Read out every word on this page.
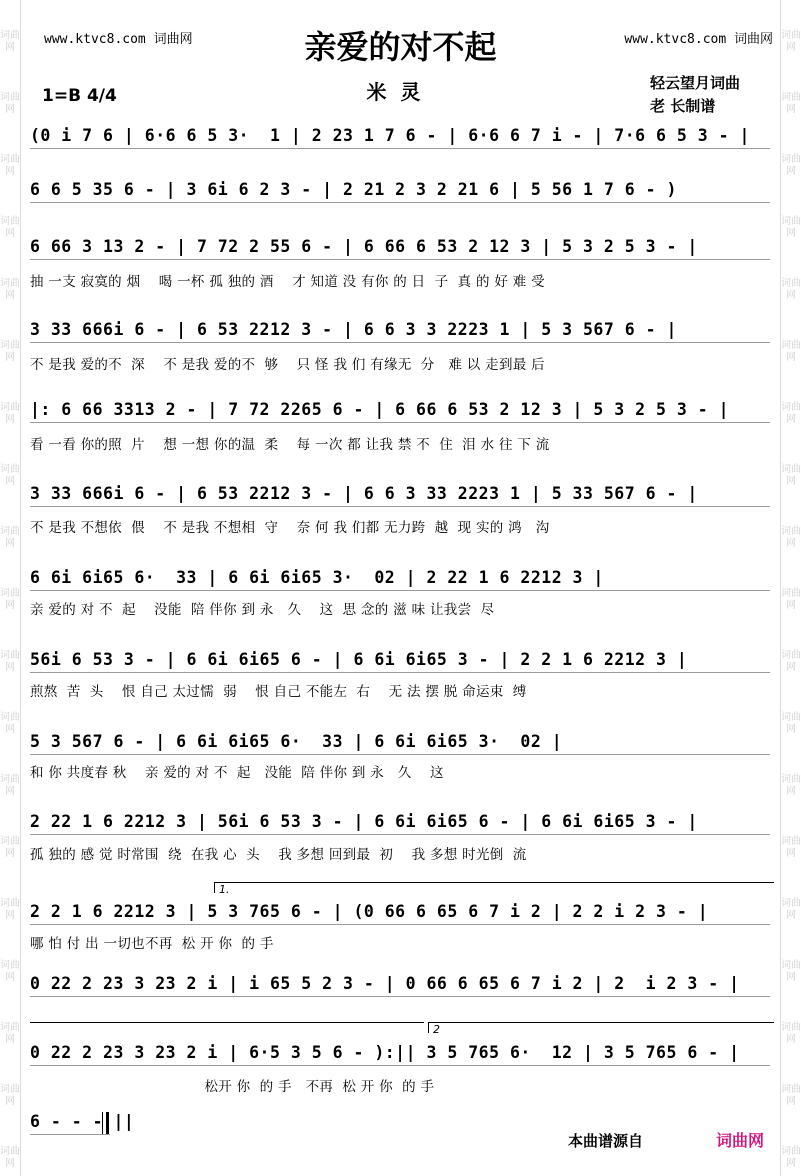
词曲网
词曲网
词曲网
词曲网
词曲网
词曲网
词曲网
词曲网
词曲网
词曲网
词曲网
词曲网
词曲网
词曲网
词曲网
词曲网
词曲网
词曲网
词曲网
词曲网
词曲网
词曲网
词曲网
词曲网
词曲网
词曲网
词曲网
词曲网
词曲网
词曲网
词曲网
词曲网
词曲网
词曲网
词曲网
词曲网
词曲网
词曲网
www.ktvc8.com 词曲网	www.ktvc8.com 词曲网
亲爱的对不起
米灵
1=B 4/4
轻云望月词曲
老 长制谱
(0 i 7 6 | 6·6 6 5 3·  1 | 2 23 1 7 6 - | 6·6 6 7 i - | 7·6 6 5 3 - |
6 6 5 35 6 - | 3 6i 6 2 3 - | 2 21 2 3 2 21 6 | 5 56 1 7 6 - )
6 66 3 13 2 - | 7 72 2 55 6 - | 6 66 6 53 2 12 3 | 5 3 2 5 3 - |
抽 一支 寂寞的 烟    喝 一杯 孤 独的 酒    才 知道 没 有你 的 日  子  真 的 好 难 受
3 33 666i 6 - | 6 53 2212 3 - | 6 6 3 3 2223 1 | 5 3 567 6 - |
不 是我 爱的不  深    不 是我 爱的不  够    只 怪 我 们 有缘无  分   难 以 走到最 后
|: 6 66 3313 2 - | 7 72 2265 6 - | 6 66 6 53 2 12 3 | 5 3 2 5 3 - |
看 一看 你的照  片    想 一想 你的温  柔    每 一次 都 让我 禁 不  住  泪 水 往 下 流
3 33 666i 6 - | 6 53 2212 3 - | 6 6 3 33 2223 1 | 5 33 567 6 - |
不 是我 不想依  偎    不 是我 不想相  守    奈 何 我 们都 无力跨  越  现 实的 鸿   沟
6 6i 6i65 6·  33 | 6 6i 6i65 3·  02 | 2 22 1 6 2212 3 |
亲 爱的 对 不  起    没能  陪 伴你 到 永   久    这  思 念的 滋 味 让我尝  尽
56i 6 53 3 - | 6 6i 6i65 6 - | 6 6i 6i65 3 - | 2 2 1 6 2212 3 |
煎熬  苦  头    恨 自己 太过懦  弱    恨 自己 不能左  右    无 法 摆 脱 命运束  缚
5 3 567 6 - | 6 6i 6i65 6·  33 | 6 6i 6i65 3·  02 |
和 你 共度春 秋    亲 爱的 对 不  起   没能  陪 伴你 到 永   久    这
2 22 1 6 2212 3 | 56i 6 53 3 - | 6 6i 6i65 6 - | 6 6i 6i65 3 - |
孤 独的 感 觉 时常围  绕  在我 心  头    我 多想 回到最  初    我 多想 时光倒  流
1.
2 2 1 6 2212 3 | 5 3 765 6 - | (0 66 6 65 6 7 i 2 | 2 2 i 2 3 - |
哪 怕 付 出 一切也不再  松 开 你  的 手
0 22 2 23 3 23 2 i | i 65 5 2 3 - | 0 66 6 65 6 7 i 2 | 2  i 2 3 - |
2
0 22 2 23 3 23 2 i | 6·5 3 5 6 - ):|| 3 5 765 6·  12 | 3 5 765 6 - |
松开 你  的 手   不再  松 开 你  的 手
6 - - - ||
本曲谱源自	词曲网
